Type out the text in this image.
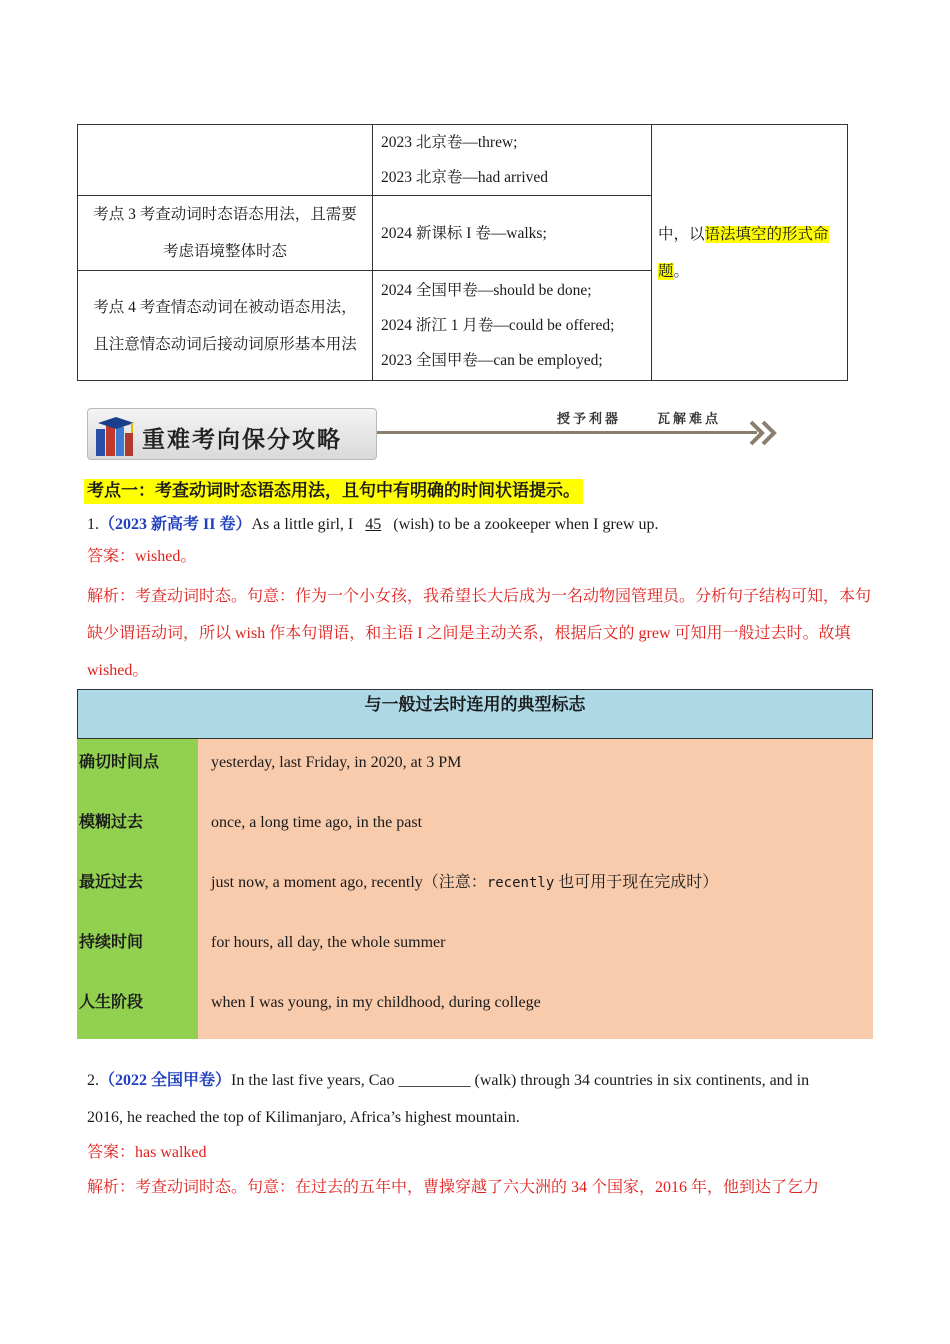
	2023 北京卷—threw;
2023 北京卷—had arrived	中，以语法填空的形式命题。
考点 3 考查动词时态语态用法，且需要考虑语境整体时态	2024 新课标 I 卷—walks;	

考点 4 考查情态动词在被动语态用法，且注意情态动词后接动词原形基本用法	2024 全国甲卷—should be done;
2024 浙江 1 月卷—could be offered;
2023 全国甲卷—can be employed;	
重难考向保分攻略
授予利器	瓦解难点
考点一：考查动词时态语态用法，且句中有明确的时间状语提示。
1.（2023 新高考 II 卷）As a little girl, I 45 (wish) to be a zookeeper when I grew up.
答案：wished。
解析：考查动词时态。句意：作为一个小女孩，我希望长大后成为一名动物园管理员。分析句子结构可知，本句缺少谓语动词，所以 wish 作本句谓语，和主语 I 之间是主动关系，根据后文的 grew 可知用一般过去时。故填 wished。
与一般过去时连用的典型标志
确切时间点	yesterday, last Friday, in 2020, at 3 PM
模糊过去	once, a long time ago, in the past
最近过去	just now, a moment ago, recently（注意：recently 也可用于现在完成时）
持续时间	for hours, all day, the whole summer
人生阶段	when I was young, in my childhood, during college
2.（2022 全国甲卷）In the last five years, Cao _________ (walk) through 34 countries in six continents, and in
2016, he reached the top of Kilimanjaro, Africa’s highest mountain.
答案：has walked
解析：考查动词时态。句意：在过去的五年中，曹操穿越了六大洲的 34 个国家，2016 年，他到达了乞力
